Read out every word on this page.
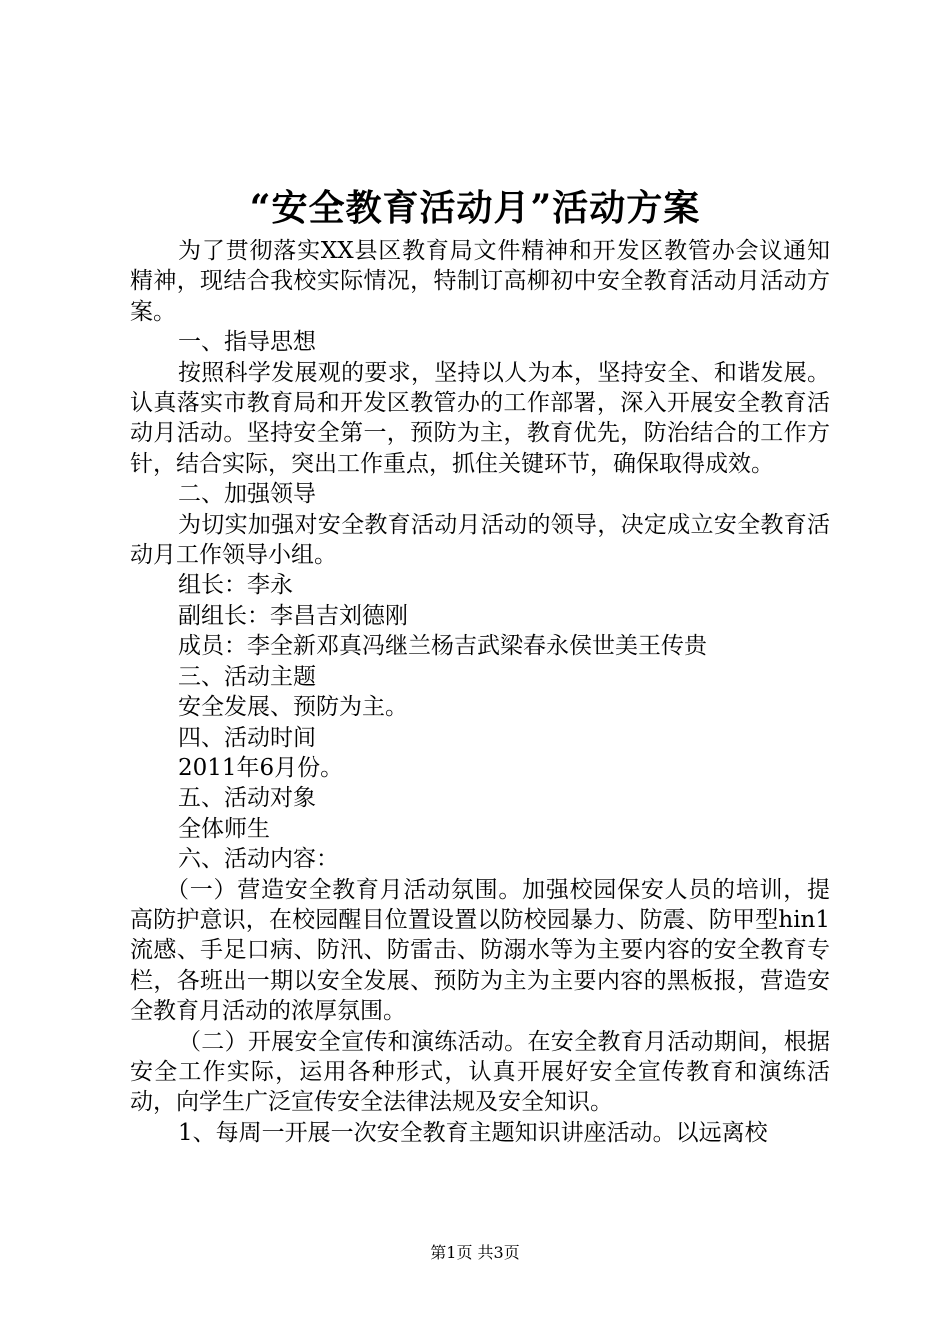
“安全教育活动月”活动方案

为了贯彻落实XX县区教育局文件精神和开发区教管办会议通知精神，现结合我校实际情况，特制订高柳初中安全教育活动月活动方案。

一、指导思想

按照科学发展观的要求，坚持以人为本，坚持安全、和谐发展。认真落实市教育局和开发区教管办的工作部署，深入开展安全教育活动月活动。坚持安全第一，预防为主，教育优先，防治结合的工作方针，结合实际，突出工作重点，抓住关键环节，确保取得成效。

二、加强领导

为切实加强对安全教育活动月活动的领导，决定成立安全教育活动月工作领导小组。

组长：李永

副组长：李昌吉刘德刚

成员：李全新邓真冯继兰杨吉武梁春永侯世美王传贵

三、活动主题

安全发展、预防为主。

四、活动时间

2011年6月份。

五、活动对象

全体师生

六、活动内容：

（一）营造安全教育月活动氛围。加强校园保安人员的培训，提高防护意识，在校园醒目位置设置以防校园暴力、防震、防甲型hin1流感、手足口病、防汛、防雷击、防溺水等为主要内容的安全教育专栏，各班出一期以安全发展、预防为主为主要内容的黑板报，营造安全教育月活动的浓厚氛围。

（二）开展安全宣传和演练活动。在安全教育月活动期间，根据安全工作实际，运用各种形式，认真开展好安全宣传教育和演练活动，向学生广泛宣传安全法律法规及安全知识。

1、每周一开展一次安全教育主题知识讲座活动。以远离校

第1页 共3页
